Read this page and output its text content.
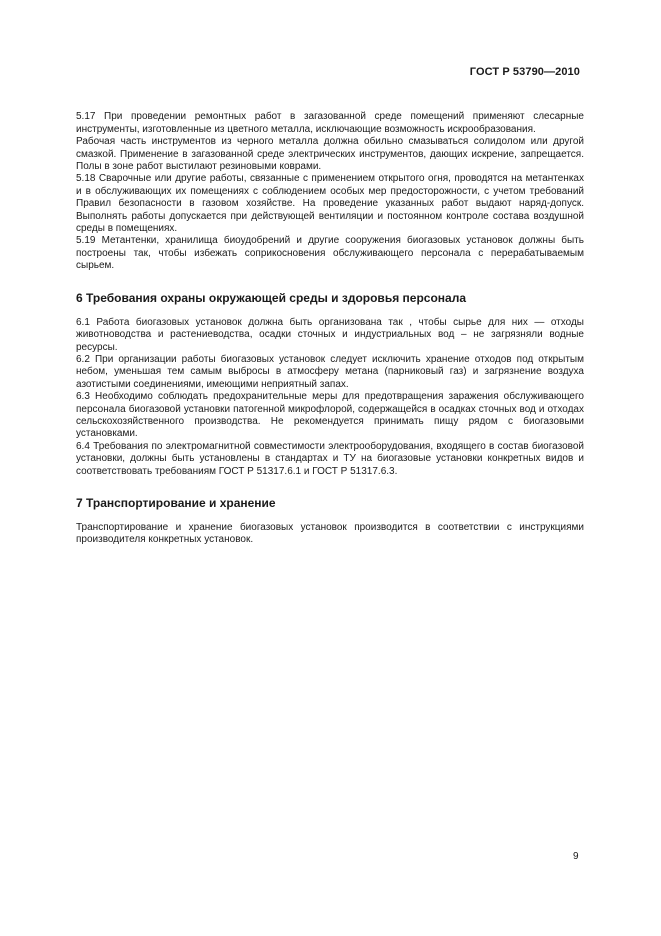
ГОСТ Р 53790—2010

5.17 При проведении ремонтных работ в загазованной среде помещений применяют слесарные инструменты, изготовленные из цветного металла, исключающие возможность искрообразования.

Рабочая часть инструментов из черного металла должна обильно смазываться солидолом или другой смазкой. Применение в загазованной среде электрических инструментов, дающих искрение, запрещается. Полы в зоне работ выстилают резиновыми коврами.

5.18 Сварочные или другие работы, связанные с применением открытого огня, проводятся на метантенках и в обслуживающих их помещениях с соблюдением особых мер предосторожности, с учетом требований Правил безопасности в газовом хозяйстве. На проведение указанных работ выдают наряд-допуск. Выполнять работы допускается при действующей вентиляции и постоянном контроле состава воздушной среды в помещениях.

5.19 Метантенки, хранилища биоудобрений и другие сооружения биогазовых установок должны быть построены так, чтобы избежать соприкосновения обслуживающего персонала с перерабатываемым сырьем.

6 Требования охраны окружающей среды и здоровья персонала

6.1 Работа биогазовых установок должна быть организована так , чтобы сырье для них — отходы животноводства и растениеводства, осадки сточных и индустриальных вод – не загрязняли водные ресурсы.

6.2 При организации работы биогазовых установок следует исключить хранение отходов под открытым небом, уменьшая тем самым выбросы в атмосферу метана (парниковый газ) и загрязнение воздуха азотистыми соединениями, имеющими неприятный запах.

6.3 Необходимо соблюдать предохранительные меры для предотвращения заражения обслуживающего персонала биогазовой установки патогенной микрофлорой, содержащейся в осадках сточных вод и отходах сельскохозяйственного производства. Не рекомендуется принимать пищу рядом с биогазовыми установками.

6.4 Требования по электромагнитной совместимости электрооборудования, входящего в состав биогазовой установки, должны быть установлены в стандартах и ТУ на биогазовые установки конкретных видов и соответствовать требованиям ГОСТ Р 51317.6.1 и ГОСТ Р 51317.6.3.

7 Транспортирование и хранение

Транспортирование и хранение биогазовых установок производится в соответствии с инструкциями производителя конкретных установок.

9
